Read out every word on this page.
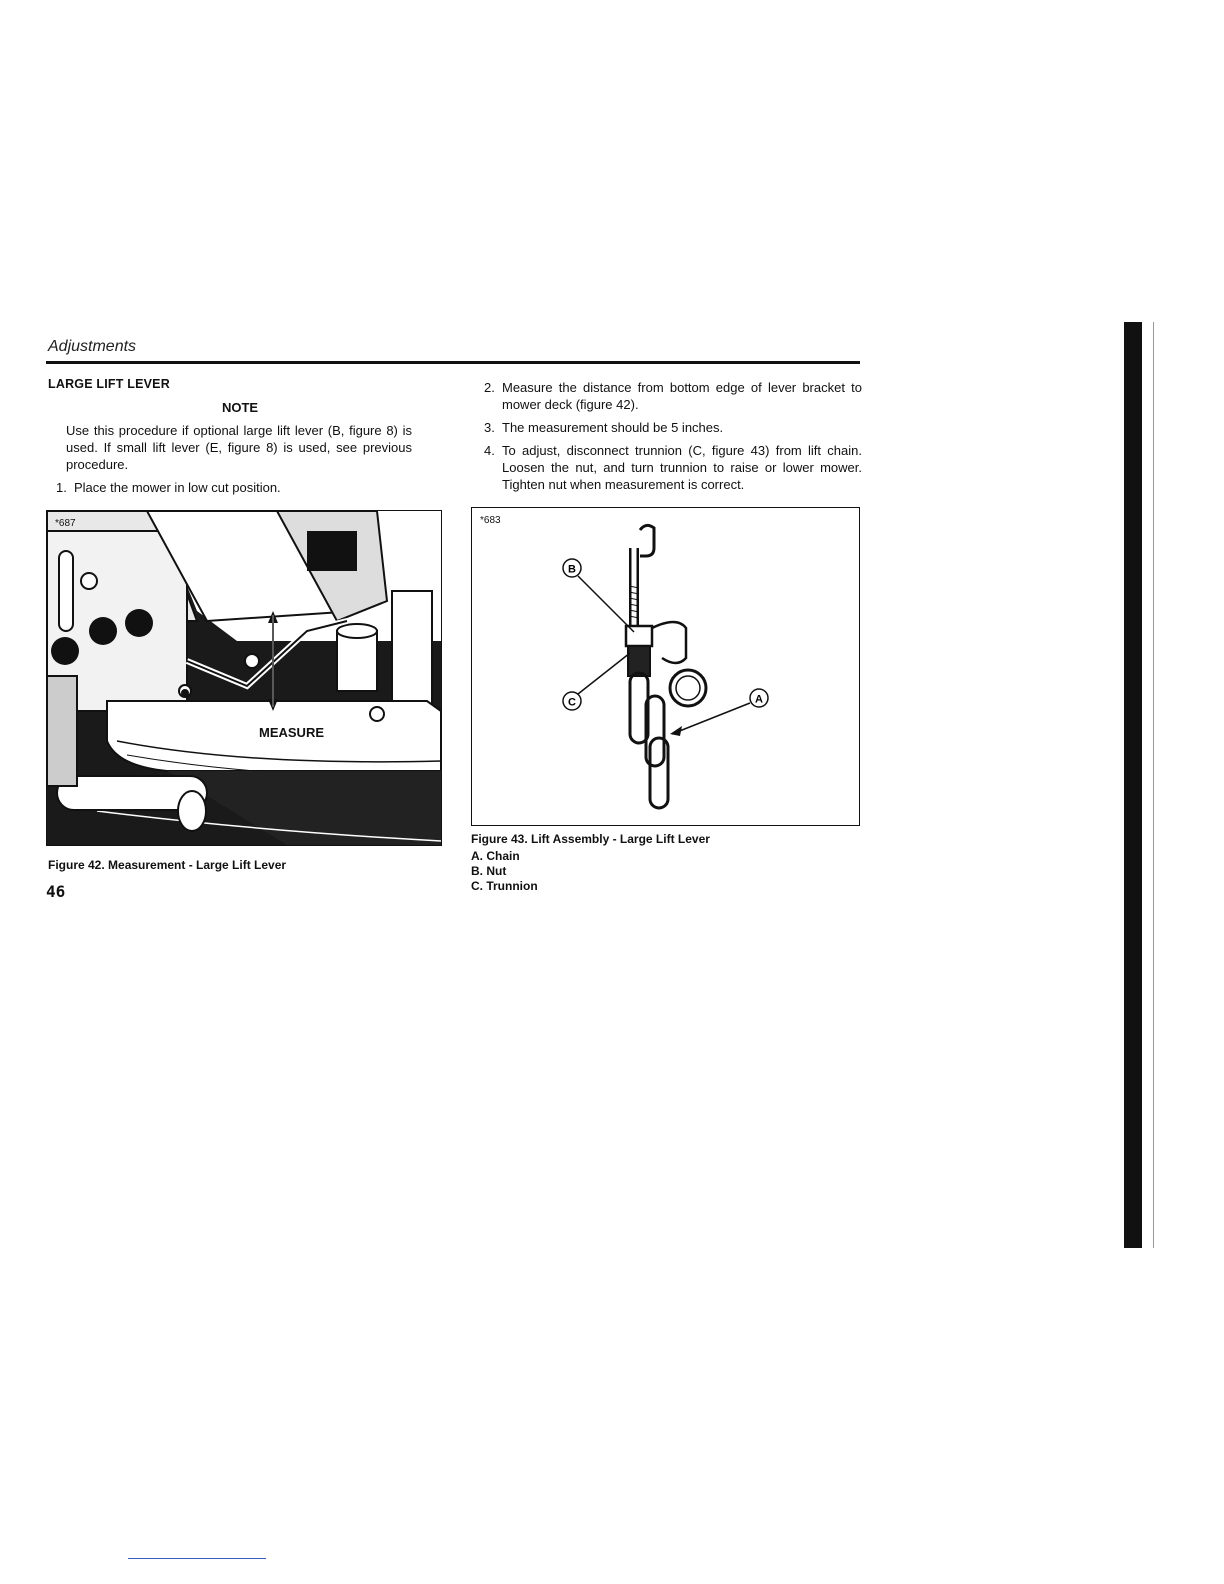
Adjustments
LARGE LIFT LEVER
NOTE
Use this procedure if optional large lift lever (B, figure 8) is used. If small lift lever (E, figure 8) is used, see previous procedure.
1. Place the mower in low cut position.
2. Measure the distance from bottom edge of lever bracket to mower deck (figure 42).
3. The measurement should be 5 inches.
4. To adjust, disconnect trunnion (C, figure 43) from lift chain. Loosen the nut, and turn trunnion to raise or lower mower. Tighten nut when measurement is correct.
*687
MEASURE
Figure 42. Measurement - Large Lift Lever
B
C	A
*683
Figure 43. Lift Assembly - Large Lift Lever
A. Chain
B. Nut
C. Trunnion
46
